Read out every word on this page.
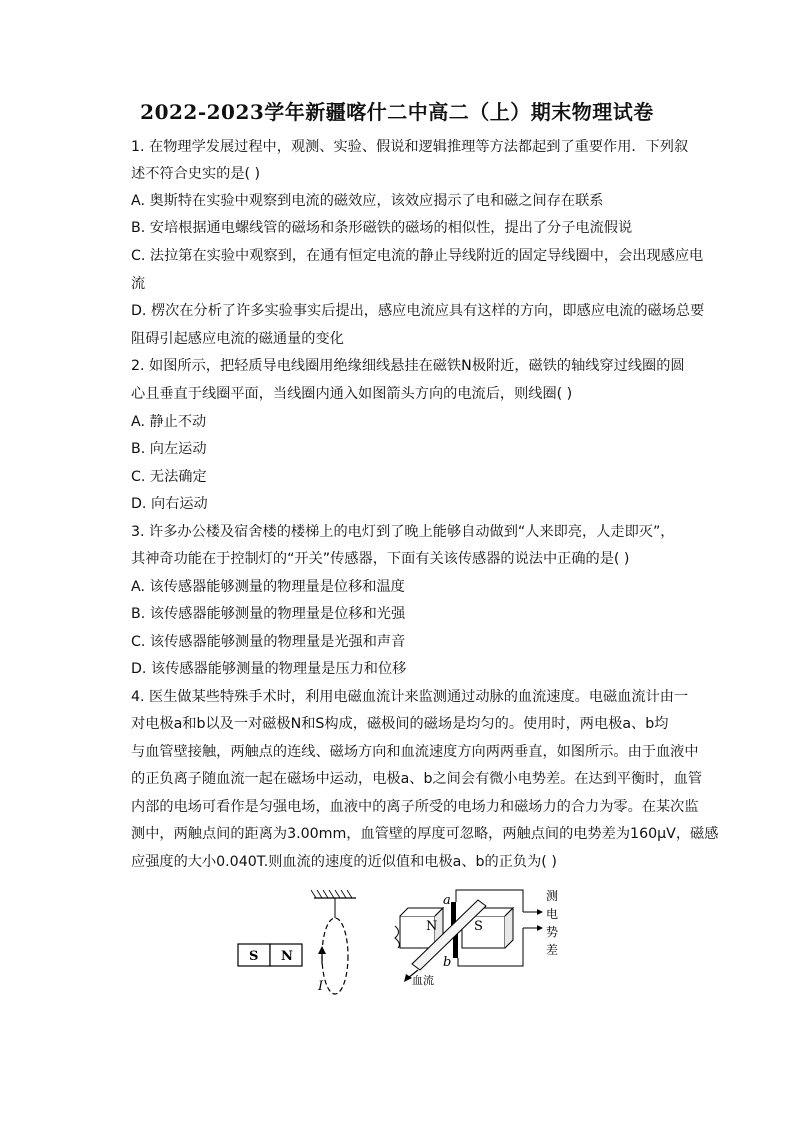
2022-2023学年新疆喀什二中高二（上）期末物理试卷
1. 在物理学发展过程中，观测、实验、假说和逻辑推理等方法都起到了重要作用．下列叙
述不符合史实的是( )
A. 奥斯特在实验中观察到电流的磁效应，该效应揭示了电和磁之间存在联系
B. 安培根据通电螺线管的磁场和条形磁铁的磁场的相似性，提出了分子电流假说
C. 法拉第在实验中观察到，在通有恒定电流的静止导线附近的固定导线圈中，会出现感应电
流
D. 楞次在分析了许多实验事实后提出，感应电流应具有这样的方向，即感应电流的磁场总要
阻碍引起感应电流的磁通量的变化
2. 如图所示，把轻质导电线圈用绝缘细线悬挂在磁铁N极附近，磁铁的轴线穿过线圈的圆
心且垂直于线圈平面，当线圈内通入如图箭头方向的电流后，则线圈( )
A. 静止不动
B. 向左运动
C. 无法确定
D. 向右运动
3. 许多办公楼及宿舍楼的楼梯上的电灯到了晚上能够自动做到“人来即亮，人走即灭”，
其神奇功能在于控制灯的“开关”传感器，下面有关该传感器的说法中正确的是( )
A. 该传感器能够测量的物理量是位移和温度
B. 该传感器能够测量的物理量是位移和光强
C. 该传感器能够测量的物理量是光强和声音
D. 该传感器能够测量的物理量是压力和位移
4. 医生做某些特殊手术时，利用电磁血流计来监测通过动脉的血流速度。电磁血流计由一
对电极a和b以及一对磁极N和S构成，磁极间的磁场是均匀的。使用时，两电极a、b均
与血管壁接触，两触点的连线、磁场方向和血流速度方向两两垂直，如图所示。由于血液中
的正负离子随血流一起在磁场中运动，电极a、b之间会有微小电势差。在达到平衡时，血管
内部的电场可看作是匀强电场，血液中的离子所受的电场力和磁场力的合力为零。在某次监
测中，两触点间的距离为3.00mm，血管壁的厚度可忽略，两触点间的电势差为160μV，磁感
应强度的大小0.040T.则血流的速度的近似值和电极a、b的正负为( )
I
S N
N	S
a
b
血流
测
电
势
差
